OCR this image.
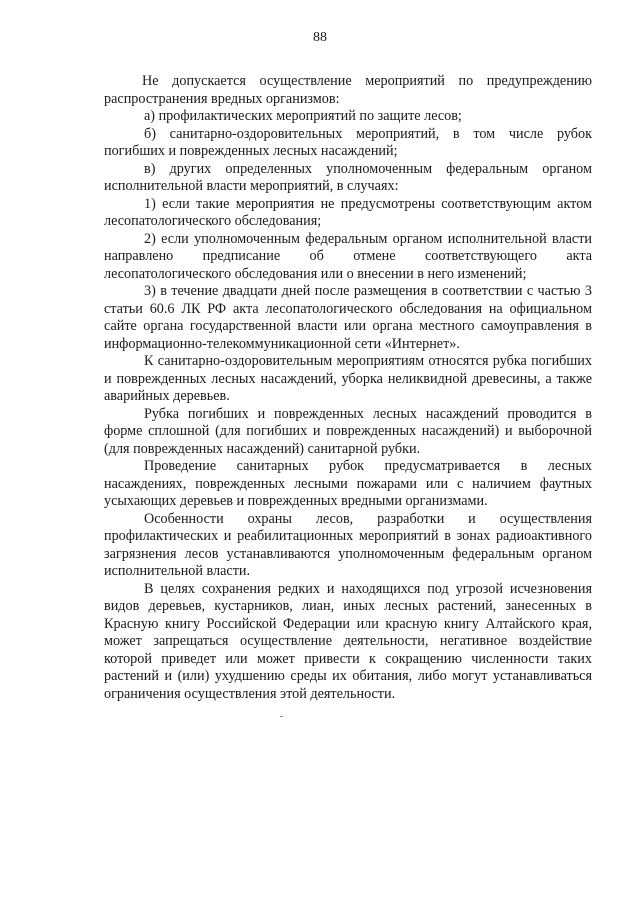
88

Не допускается осуществление мероприятий по предупреждению распространения вредных организмов:

а) профилактических мероприятий по защите лесов;

б) санитарно-оздоровительных мероприятий, в том числе рубок погибших и поврежденных лесных насаждений;

в) других определенных уполномоченным федеральным органом исполнительной власти мероприятий, в случаях:

1) если такие мероприятия не предусмотрены соответствующим актом лесопатологического обследования;

2) если уполномоченным федеральным органом исполнительной власти направлено предписание об отмене соответствующего акта лесопатологического обследования или о внесении в него изменений;

3) в течение двадцати дней после размещения в соответствии с частью 3 статьи 60.6 ЛК РФ акта лесопатологического обследования на официальном сайте органа государственной власти или органа местного самоуправления в информационно-телекоммуникационной сети «Интернет».

К санитарно-оздоровительным мероприятиям относятся рубка погибших и поврежденных лесных насаждений, уборка неликвидной древесины, а также аварийных деревьев.

Рубка погибших и поврежденных лесных насаждений проводится в форме сплошной (для погибших и поврежденных насаждений) и выборочной (для поврежденных насаждений) санитарной рубки.

Проведение санитарных рубок предусматривается в лесных насаждениях, поврежденных лесными пожарами или с наличием фаутных усыхающих деревьев и поврежденных вредными организмами.

Особенности охраны лесов, разработки и осуществления профилактических и реабилитационных мероприятий в зонах радиоактивного загрязнения лесов устанавливаются уполномоченным федеральным органом исполнительной власти.

В целях сохранения редких и находящихся под угрозой исчезновения видов деревьев, кустарников, лиан, иных лесных растений, занесенных в Красную книгу Российской Федерации или красную книгу Алтайского края, может запрещаться осуществление деятельности, негативное воздействие которой приведет или может привести к сокращению численности таких растений и (или) ухудшению среды их обитания, либо могут устанавливаться ограничения осуществления этой деятельности.
